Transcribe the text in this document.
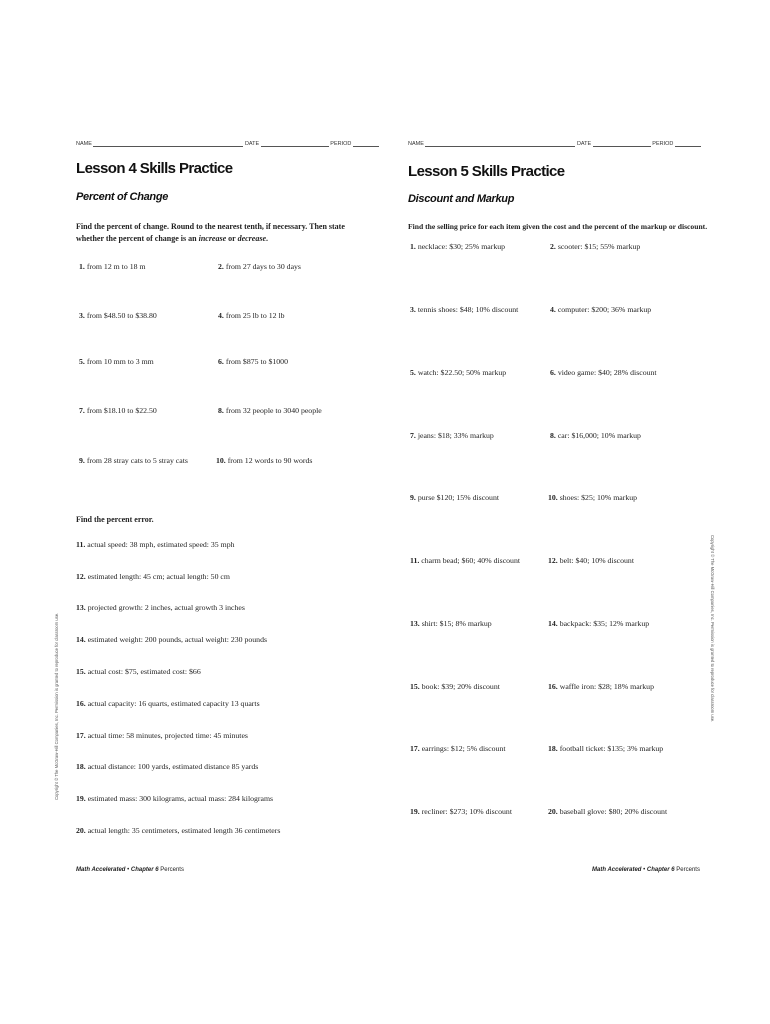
NAME	DATE	PERIOD
Lesson 4 Skills Practice
Percent of Change
Find the percent of change. Round to the nearest tenth, if necessary. Then state whether the percent of change is an increase or decrease.
1. from 12 m to 18 m	2. from 27 days to 30 days
3. from $48.50 to $38.80	4. from 25 lb to 12 lb
5. from 10 mm to 3 mm	6. from $875 to $1000
7. from $18.10 to $22.50	8. from 32 people to 3040 people
9. from 28 stray cats to 5 stray cats	10. from 12 words to 90 words
Find the percent error.
11. actual speed: 38 mph, estimated speed: 35 mph
12. estimated length: 45 cm; actual length: 50 cm
13. projected growth: 2 inches, actual growth 3 inches
14. estimated weight: 200 pounds, actual weight: 230 pounds
15. actual cost: $75, estimated cost: $66
16. actual capacity: 16 quarts, estimated capacity 13 quarts
17. actual time: 58 minutes, projected time: 45 minutes
18. actual distance: 100 yards, estimated distance 85 yards
19. estimated mass: 300 kilograms, actual mass: 284 kilograms
20. actual length: 35 centimeters, estimated length 36 centimeters
Math Accelerated • Chapter 6 Percents
Copyright © The McGraw-Hill Companies, Inc. Permission is granted to reproduce for classroom use.
NAME	DATE	PERIOD
Lesson 5 Skills Practice
Discount and Markup
Find the selling price for each item given the cost and the percent of the markup or discount.
1. necklace: $30; 25% markup	2. scooter: $15; 55% markup
3. tennis shoes: $48; 10% discount	4. computer: $200; 36% markup
5. watch: $22.50; 50% markup	6. video game: $40; 28% discount
7. jeans: $18; 33% markup	8. car: $16,000; 10% markup
9. purse $120; 15% discount	10. shoes: $25; 10% markup
11. charm bead; $60; 40% discount	12. belt: $40; 10% discount
13. shirt: $15; 8% markup	14. backpack: $35; 12% markup
15. book: $39; 20% discount	16. waffle iron: $28; 18% markup
17. earrings: $12; 5% discount	18. football ticket: $135; 3% markup
19. recliner: $273; 10% discount	20. baseball glove: $80; 20% discount
Math Accelerated • Chapter 6 Percents
Copyright © The McGraw-Hill Companies, Inc. Permission is granted to reproduce for classroom use.
